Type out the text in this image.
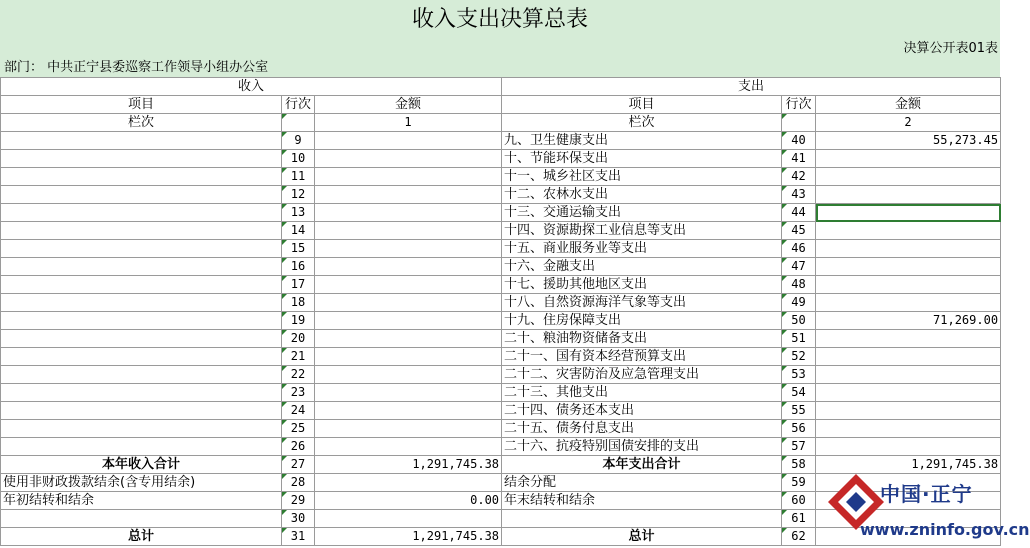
收入支出决算总表
决算公开表01表
部门： 中共正宁县委巡察工作领导小组办公室
收入			支出		
项目	行次	金额	项目	行次	金额
栏次		1	栏次		2
	9		九、卫生健康支出	40	55,273.45
	10		十、节能环保支出	41	
	11		十一、城乡社区支出	42	
	12		十二、农林水支出	43	
	13		十三、交通运输支出	44	
	14		十四、资源勘探工业信息等支出	45	
	15		十五、商业服务业等支出	46	
	16		十六、金融支出	47	
	17		十七、援助其他地区支出	48	
	18		十八、自然资源海洋气象等支出	49	
	19		十九、住房保障支出	50	71,269.00
	20		二十、粮油物资储备支出	51	
	21		二十一、国有资本经营预算支出	52	
	22		二十二、灾害防治及应急管理支出	53	
	23		二十三、其他支出	54	
	24		二十四、债务还本支出	55	
	25		二十五、债务付息支出	56	
	26		二十六、抗疫特别国债安排的支出	57	
本年收入合计	27	1,291,745.38	本年支出合计	58	1,291,745.38
使用非财政拨款结余(含专用结余)	28		结余分配	59	
年初结转和结余	29	0.00	年末结转和结余	60	
	30			61	
总计	31	1,291,745.38	总计	62	
中国·正宁
www.zninfo.gov.cn
